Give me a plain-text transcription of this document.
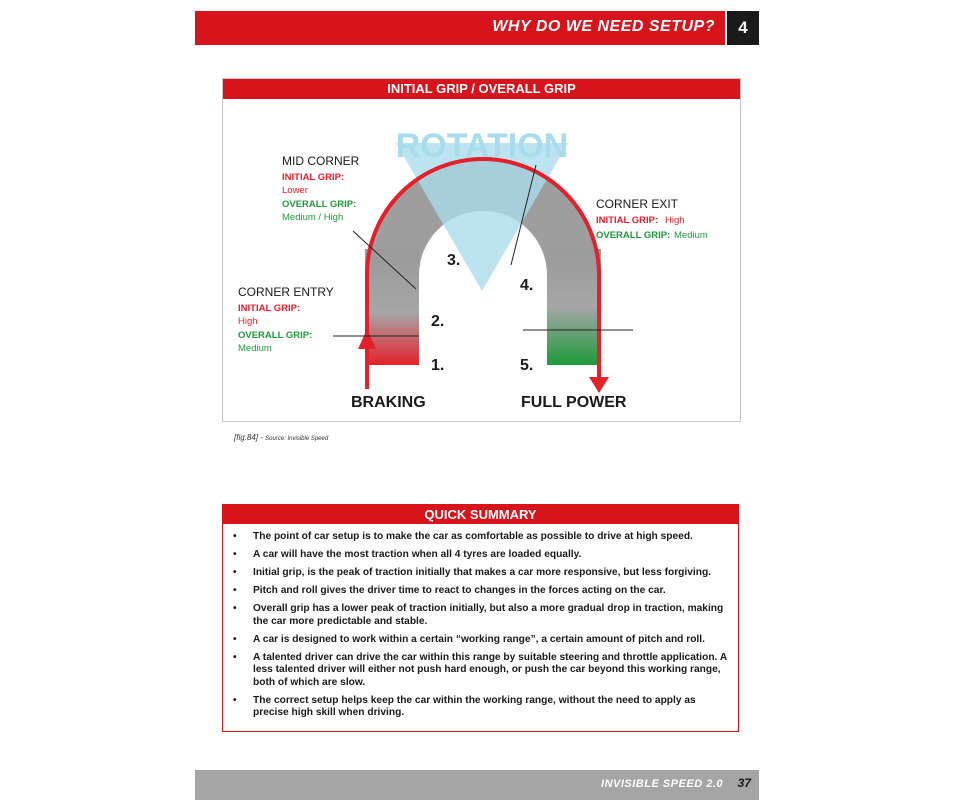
WHY DO WE NEED SETUP?	4
INITIAL GRIP / OVERALL GRIP
ROTATION
1.
2.
3.
4.
5.
MID CORNER
INITIAL GRIP:
Lower
OVERALL GRIP:
Medium / High
CORNER EXIT
INITIAL GRIP: High
OVERALL GRIP: Medium
CORNER ENTRY
INITIAL GRIP:
High
OVERALL GRIP:
Medium
BRAKING	FULL POWER
[fig.84] - Source: Invisible Speed
QUICK SUMMARY
• The point of car setup is to make the car as comfortable as possible to drive at high speed.
• A car will have the most traction when all 4 tyres are loaded equally.
• Initial grip, is the peak of traction initially that makes a car more responsive, but less forgiving.
• Pitch and roll gives the driver time to react to changes in the forces acting on the car.
• Overall grip has a lower peak of traction initially, but also a more gradual drop in traction, making the car more predictable and stable.
• A car is designed to work within a certain “working range”, a certain amount of pitch and roll.
• A talented driver can drive the car within this range by suitable steering and throttle application. A less talented driver will either not push hard enough, or push the car beyond this working range, both of which are slow.
• The correct setup helps keep the car within the working range, without the need to apply as precise high skill when driving.
INVISIBLE SPEED 2.0 37
